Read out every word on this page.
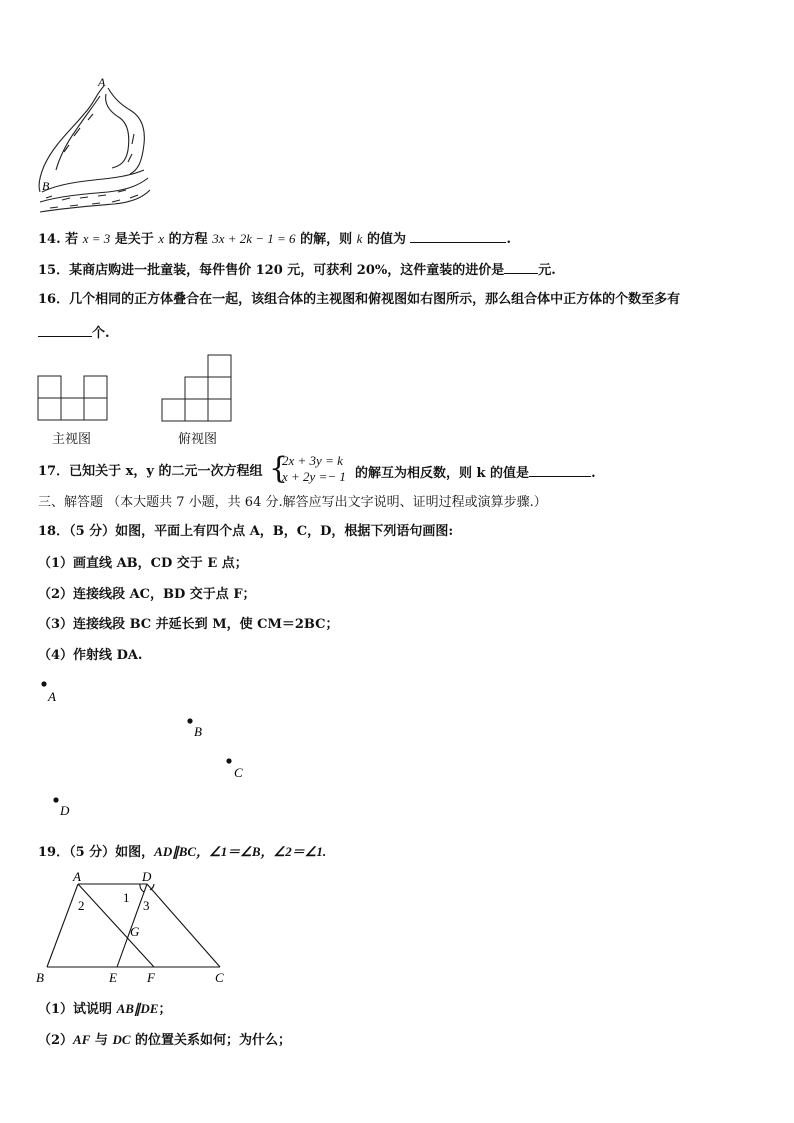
A
B
14. 若 x = 3 是关于 x 的方程 3x + 2k − 1 = 6 的解，则 k 的值为	.
15．某商店购进一批童装，每件售价 120 元，可获利 20%，这件童装的进价是	元.
16．几个相同的正方体叠合在一起，该组合体的主视图和俯视图如右图所示，那么组合体中正方体的个数至多有
个.
主视图	俯视图
17．已知关于 x，y 的二元一次方程组 {
2x + 3y = k
x + 2y =− 1 的解互为相反数，则 k 的值是	.
三、解答题 （本大题共 7 小题，共 64 分.解答应写出文字说明、证明过程或演算步骤.）
18．（5 分）如图，平面上有四个点 A，B，C，D，根据下列语句画图:
（1）画直线 AB，CD 交于 E 点；
（2）连接线段 AC，BD 交于点 F；
（3）连接线段 BC 并延长到 M，使 CM＝2BC；
（4）作射线 DA.
A
B
C
D
19．（5 分）如图，AD∥BC，∠1＝∠B，∠2＝∠1.
A	D
B	E F	C
G
1
2	3
（1）试说明 AB∥DE；
（2）AF 与 DC 的位置关系如何；为什么；
